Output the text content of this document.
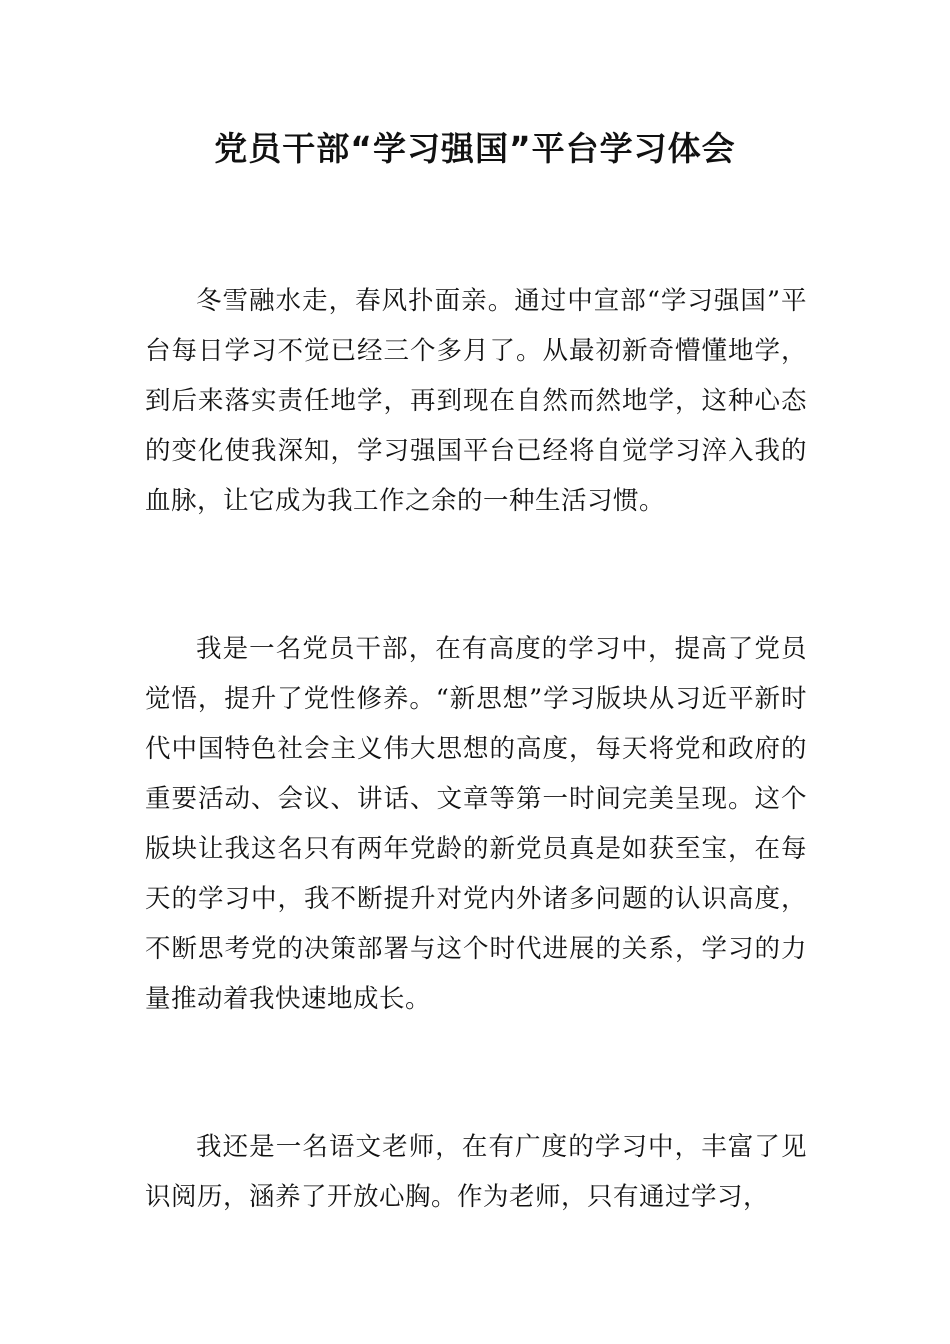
党员干部“学习强国”平台学习体会

冬雪融水走，春风扑面亲。通过中宣部“学习强国”平台每日学习不觉已经三个多月了。从最初新奇懵懂地学，到后来落实责任地学，再到现在自然而然地学，这种心态的变化使我深知，学习强国平台已经将自觉学习淬入我的血脉，让它成为我工作之余的一种生活习惯。

我是一名党员干部，在有高度的学习中，提高了党员觉悟，提升了党性修养。“新思想”学习版块从习近平新时代中国特色社会主义伟大思想的高度，每天将党和政府的重要活动、会议、讲话、文章等第一时间完美呈现。这个版块让我这名只有两年党龄的新党员真是如获至宝，在每天的学习中，我不断提升对党内外诸多问题的认识高度，不断思考党的决策部署与这个时代进展的关系，学习的力量推动着我快速地成长。

我还是一名语文老师，在有广度的学习中，丰富了见识阅历，涵养了开放心胸。作为老师，只有通过学习，
